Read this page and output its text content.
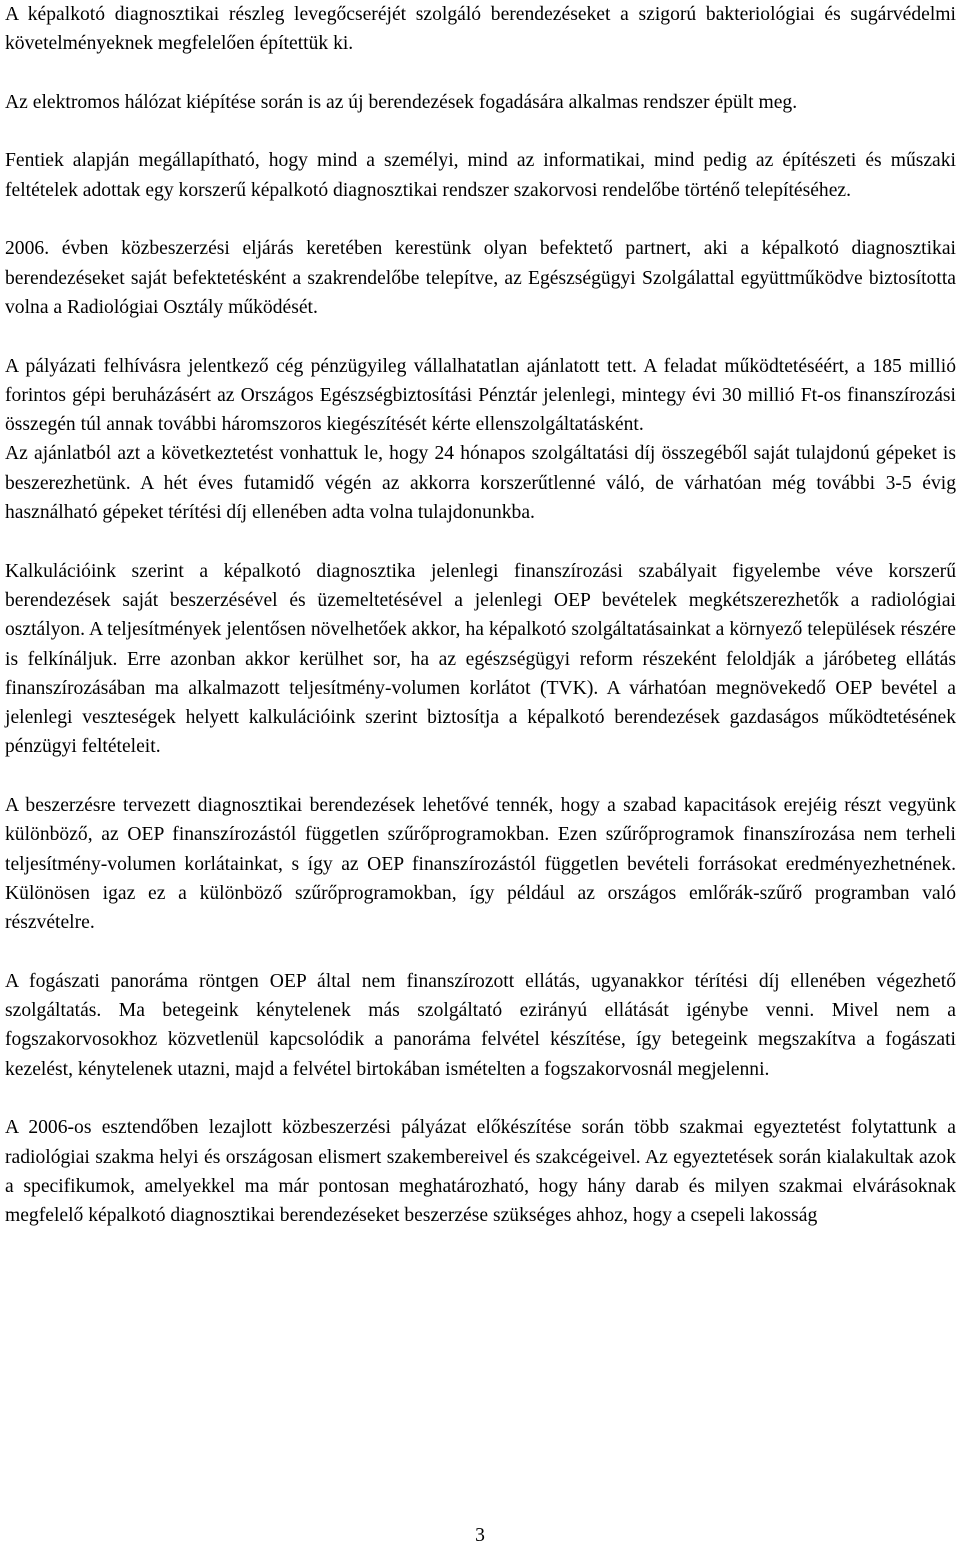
A képalkotó diagnosztikai részleg levegőcseréjét szolgáló berendezéseket a szigorú bakteriológiai és sugárvédelmi követelményeknek megfelelően építettük ki.

Az elektromos hálózat kiépítése során is az új berendezések fogadására alkalmas rendszer épült meg.

Fentiek alapján megállapítható, hogy mind a személyi, mind az informatikai, mind pedig az építészeti és műszaki feltételek adottak egy korszerű képalkotó diagnosztikai rendszer szakorvosi rendelőbe történő telepítéséhez.

2006. évben közbeszerzési eljárás keretében kerestünk olyan befektető partnert, aki a képalkotó diagnosztikai berendezéseket saját befektetésként a szakrendelőbe telepítve, az Egészségügyi Szolgálattal együttműködve biztosította volna a Radiológiai Osztály működését.

A pályázati felhívásra jelentkező cég pénzügyileg vállalhatatlan ajánlatott tett. A feladat működtetéséért, a 185 millió forintos gépi beruházásért az Országos Egészségbiztosítási Pénztár jelenlegi, mintegy évi 30 millió Ft-os finanszírozási összegén túl annak további háromszoros kiegészítését kérte ellenszolgáltatásként.

Az ajánlatból azt a következtetést vonhattuk le, hogy 24 hónapos szolgáltatási díj összegéből saját tulajdonú gépeket is beszerezhetünk. A hét éves futamidő végén az akkorra korszerűtlenné váló, de várhatóan még további 3-5 évig használható gépeket térítési díj ellenében adta volna tulajdonunkba.

Kalkulációink szerint a képalkotó diagnosztika jelenlegi finanszírozási szabályait figyelembe véve korszerű berendezések saját beszerzésével és üzemeltetésével a jelenlegi OEP bevételek megkétszerezhetők a radiológiai osztályon. A teljesítmények jelentősen növelhetőek akkor, ha képalkotó szolgáltatásainkat a környező települések részére is felkínáljuk. Erre azonban akkor kerülhet sor, ha az egészségügyi reform részeként feloldják a járóbeteg ellátás finanszírozásában ma alkalmazott teljesítmény-volumen korlátot (TVK). A várhatóan megnövekedő OEP bevétel a jelenlegi veszteségek helyett kalkulációink szerint biztosítja a képalkotó berendezések gazdaságos működtetésének pénzügyi feltételeit.

A beszerzésre tervezett diagnosztikai berendezések lehetővé tennék, hogy a szabad kapacitások erejéig részt vegyünk különböző, az OEP finanszírozástól független szűrőprogramokban. Ezen szűrőprogramok finanszírozása nem terheli teljesítmény-volumen korlátainkat, s így az OEP finanszírozástól független bevételi forrásokat eredményezhetnének. Különösen igaz ez a különböző szűrőprogramokban, így például az országos emlőrák-szűrő programban való részvételre.

A fogászati panoráma röntgen OEP által nem finanszírozott ellátás, ugyanakkor térítési díj ellenében végezhető szolgáltatás. Ma betegeink kénytelenek más szolgáltató ezirányú ellátását igénybe venni. Mivel nem a fogszakorvosokhoz közvetlenül kapcsolódik a panoráma felvétel készítése, így betegeink megszakítva a fogászati kezelést, kénytelenek utazni, majd a felvétel birtokában ismételten a fogszakorvosnál megjelenni.

A 2006-os esztendőben lezajlott közbeszerzési pályázat előkészítése során több szakmai egyeztetést folytattunk a radiológiai szakma helyi és országosan elismert szakembereivel és szakcégeivel. Az egyeztetések során kialakultak azok a specifikumok, amelyekkel ma már pontosan meghatározható, hogy hány darab és milyen szakmai elvárásoknak megfelelő képalkotó diagnosztikai berendezéseket beszerzése szükséges ahhoz, hogy a csepeli lakosság

3
